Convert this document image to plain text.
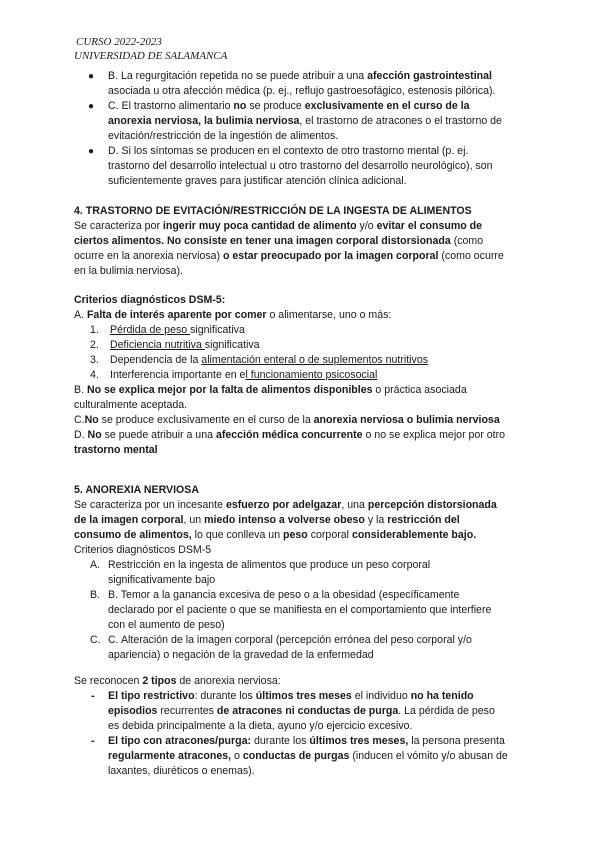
CURSO 2022-2023
UNIVERSIDAD DE SALAMANCA
● B. La regurgitación repetida no se puede atribuir a una afección gastrointestinal
asociada u otra afección médica (p. ej., reflujo gastroesofágico, estenosis pilórica).
● C. El trastorno alimentario no se produce exclusivamente en el curso de la
anorexia nerviosa, la bulimia nerviosa, el trastorno de atracones o el trastorno de
evitación/restricción de la ingestión de alimentos.
● D. Si los síntomas se producen en el contexto de otro trastorno mental (p. ej.
trastorno del desarrollo intelectual u otro trastorno del desarrollo neurológico), son
suficientemente graves para justificar atención clínica adicional.
4. TRASTORNO DE EVITACIÓN/RESTRICCIÓN DE LA INGESTA DE ALIMENTOS
Se caracteriza por ingerir muy poca cantidad de alimento y/o evitar el consumo de
ciertos alimentos. No consiste en tener una imagen corporal distorsionada (como
ocurre en la anorexia nerviosa) o estar preocupado por la imagen corporal (como ocurre
en la bulimia nerviosa).
Criterios diagnósticos DSM-5:
A. Falta de interés aparente por comer o alimentarse, uno o más:
1. Pérdida de peso significativa
2. Deficiencia nutritiva significativa
3. Dependencia de la alimentación enteral o de suplementos nutritivos
4. Interferencia importante en el funcionamiento psicosocial
B. No se explica mejor por la falta de alimentos disponibles o práctica asociada
culturalmente aceptada.
C.No se produce exclusivamente en el curso de la anorexia nerviosa o bulimia nerviosa
D. No se puede atribuir a una afección médica concurrente o no se explica mejor por otro
trastorno mental
5. ANOREXIA NERVIOSA
Se caracteriza por un incesante esfuerzo por adelgazar, una percepción distorsionada
de la imagen corporal, un miedo intenso a volverse obeso y la restricción del
consumo de alimentos, lo que conlleva un peso corporal considerablemente bajo.
Criterios diagnósticos DSM-5
A. Restricción en la ingesta de alimentos que produce un peso corporal
significativamente bajo
B. B. Temor a la ganancia excesiva de peso o a la obesidad (específicamente
declarado por el paciente o que se manifiesta en el comportamiento que interfiere
con el aumento de peso)
C. C. Alteración de la imagen corporal (percepción errónea del peso corporal y/o
apariencia) o negación de la gravedad de la enfermedad
Se reconocen 2 tipos de anorexia nerviosa:
- El tipo restrictivo: durante los últimos tres meses el individuo no ha tenido
episodios recurrentes de atracones ni conductas de purga. La pérdida de peso
es debida principalmente a la dieta, ayuno y/o ejercicio excesivo.
- El tipo con atracones/purga: durante los últimos tres meses, la persona presenta
regularmente atracones, o conductas de purgas (inducen el vómito y/o abusan de
laxantes, diuréticos o enemas).
